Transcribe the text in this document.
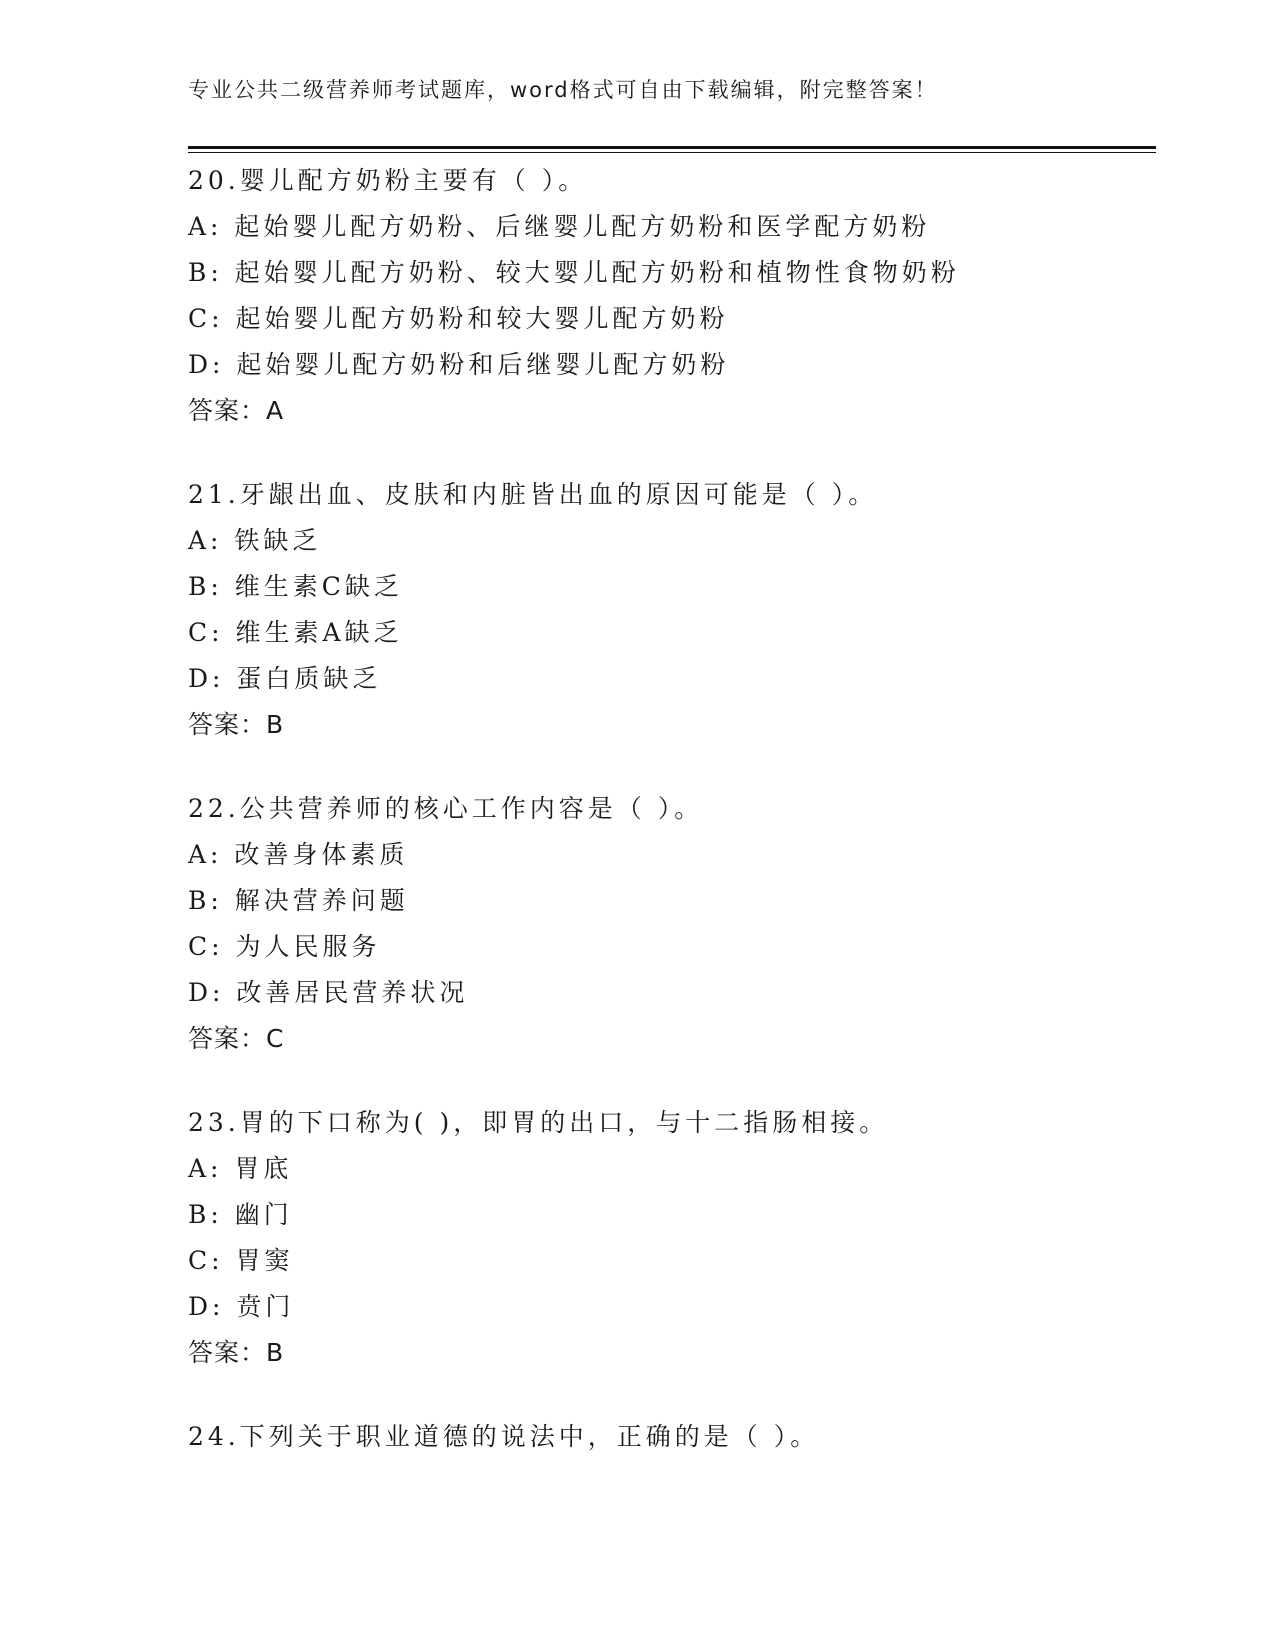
专业公共二级营养师考试题库，word格式可自由下载编辑，附完整答案！
20.婴儿配方奶粉主要有（ ）。
A: 起始婴儿配方奶粉、后继婴儿配方奶粉和医学配方奶粉
B: 起始婴儿配方奶粉、较大婴儿配方奶粉和植物性食物奶粉
C: 起始婴儿配方奶粉和较大婴儿配方奶粉
D: 起始婴儿配方奶粉和后继婴儿配方奶粉
答案：A
21.牙龈出血、皮肤和内脏皆出血的原因可能是（ ）。
A: 铁缺乏
B: 维生素C缺乏
C: 维生素A缺乏
D: 蛋白质缺乏
答案：B
22.公共营养师的核心工作内容是（ ）。
A: 改善身体素质
B: 解决营养问题
C: 为人民服务
D: 改善居民营养状况
答案：C
23.胃的下口称为( )，即胃的出口，与十二指肠相接。
A: 胃底
B: 幽门
C: 胃窦
D: 贲门
答案：B
24.下列关于职业道德的说法中，正确的是（ ）。
